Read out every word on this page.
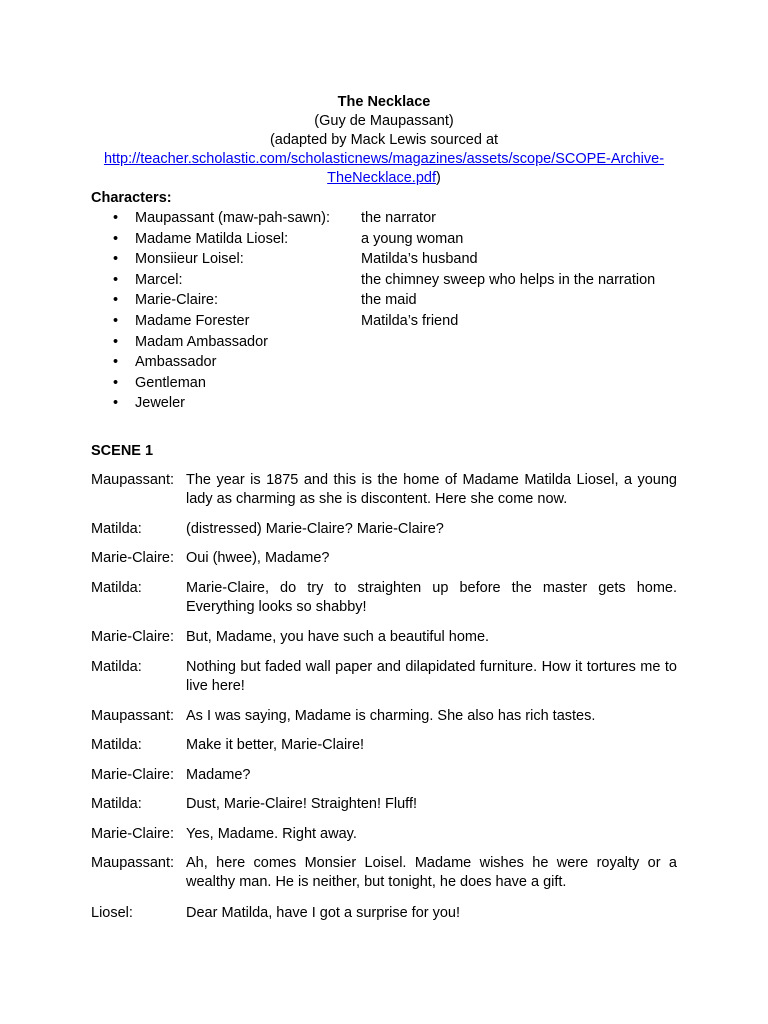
The Necklace
(Guy de Maupassant)
(adapted by Mack Lewis sourced at
http://teacher.scholastic.com/scholasticnews/magazines/assets/scope/SCOPE-Archive-
TheNecklace.pdf)
Characters:
• Maupassant (maw-pah-sawn): the narrator
• Madame Matilda Liosel:	a young woman
• Monsiieur Loisel:	Matilda’s husband
• Marcel:	the chimney sweep who helps in the narration
• Marie-Claire:	the maid
• Madame Forester	Matilda’s friend
• Madam Ambassador
• Ambassador
• Gentleman
• Jeweler
SCENE 1
Maupassant: The year is 1875 and this is the home of Madame Matilda Liosel, a young lady as charming as she is discontent. Here she come now.
Matilda:	(distressed) Marie-Claire? Marie-Claire?
Marie-Claire: Oui (hwee), Madame?
Matilda:	Marie-Claire, do try to straighten up before the master gets home. Everything looks so shabby!
Marie-Claire: But, Madame, you have such a beautiful home.
Matilda:	Nothing but faded wall paper and dilapidated furniture. How it tortures me to live here!
Maupassant: As I was saying, Madame is charming. She also has rich tastes.
Matilda:	Make it better, Marie-Claire!
Marie-Claire: Madame?
Matilda:	Dust, Marie-Claire! Straighten! Fluff!
Marie-Claire: Yes, Madame. Right away.
Maupassant: Ah, here comes Monsier Loisel. Madame wishes he were royalty or a wealthy man. He is neither, but tonight, he does have a gift.
Liosel:	Dear Matilda, have I got a surprise for you!
